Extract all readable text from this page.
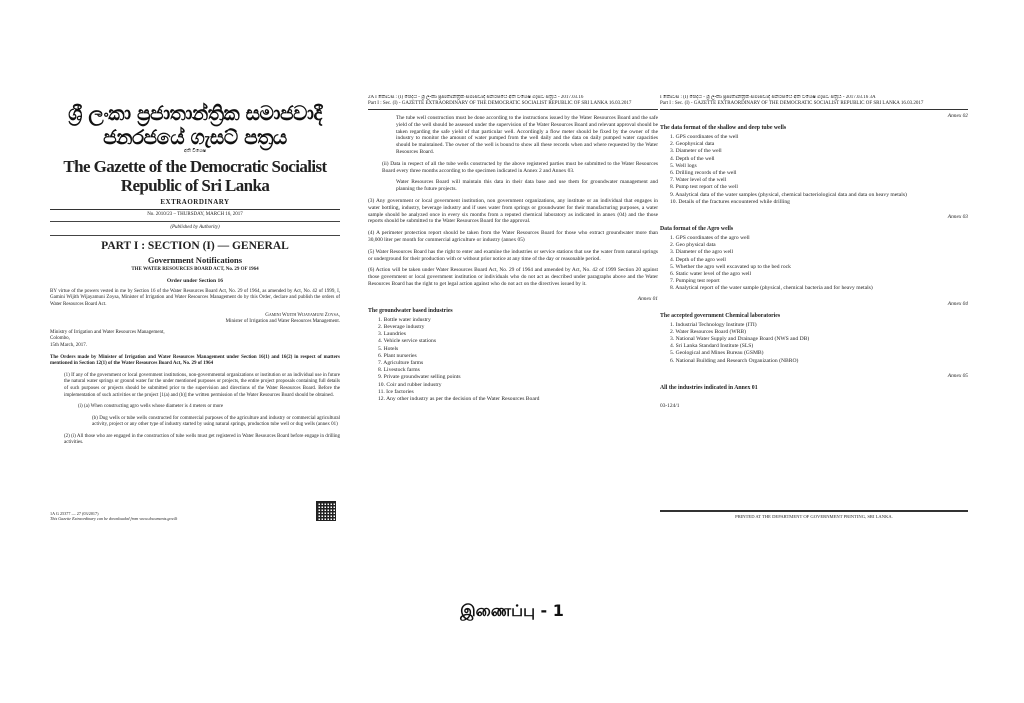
ශ්‍රී ලංකා ප්‍රජාතාන්ත්‍රික සමාජවාදී ජනරජයේ ගැසට් පත්‍රය
අති විශෙෂ
The Gazette of the Democratic Socialist Republic of Sri Lanka
EXTRAORDINARY
No. 2010/23 – THURSDAY, MARCH 16, 2017
(Published by Authority)
PART I : SECTION (I) — GENERAL
Government Notifications
THE WATER RESOURCES BOARD ACT, No. 29 OF 1964
Order under Section 16

BY virtue of the powers vested in me by Section 16 of the Water Resources Board Act, No. 29 of 1964, as amended by Act, No. 42 of 1999, I, Gamini Wijith Wijayamuni Zoysa, Minister of Irrigation and Water Resources Management do by this Order, declare and publish the orders of Water Resources Board Act.

Gamini Wijith Wijayamuni Zoysa,

Minister of Irrigation and Water Resources Management.

Ministry of Irrigation and Water Resources Management,

Colombo,

15th March, 2017.

The Orders made by Minister of Irrigation and Water Resources Management under Section 16(1) and 16(2) in respect of matters mentioned in Section 12(1) of the Water Resources Board Act, No. 29 of 1964

(1) If any of the government or local government institutions, non-governmental organizations or institution or an individual use in future the natural water springs or ground water for the under mentioned purposes or projects, the entire project proposals containing full details of such purposes or projects should be submitted prior to the supervision and directions of the Water Resources Board. Before the implementation of such activities or the project [1(a) and (b)] the written permission of the Water Resources Board should be obtained.

(i) (a) When constructing agro wells whose diameter is 4 meters or more

(b) Dug wells or tube wells constructed for commercial purposes of the agriculture and industry or commercial agricultural activity, project or any other type of industry started by using natural springs, production tube well or dug wells (annex 01)

(2) (i) All those who are engaged in the construction of tube wells must get registered in Water Resources Board before engage in drilling activities.

1A G 25377 — 27 (03/2017)

This Gazette Extraordinary can be downloaded from www.documents.gov.lk

2A I කොටස : (I) ඡෙදය - ශ්‍රී ලංකා ප්‍රජාතාන්ත්‍රික සමාජවාදී ජනරජයේ අති විශෙෂ ගැසට් පත්‍රය - 2017.03.16
Part I : Sec. (I) - GAZETTE EXTRAORDINARY OF THE DEMOCRATIC SOCIALIST REPUBLIC OF SRI LANKA 16.03.2017

The tube well construction must be done according to the instructions issued by the Water Resources Board and the safe yield of the well should be assessed under the supervision of the Water Resources Board and relevant approval should be taken regarding the safe yield of that particular well. Accordingly a flow meter should be fixed by the owner of the industry to monitor the amount of water pumped from the well daily and the data on daily pumped water capacities should be maintained. The owner of the well is bound to show all these records when and where requested by the Water Resources Board.

(ii) Data in respect of all the tube wells constructed by the above registered parties must be submitted to the Water Resources Board every three months according to the specimen indicated in Annex 2 and Annex 03.

Water Resources Board will maintain this data in their data base and use them for groundwater management and planning the future projects.

(3) Any government or local government institution, non government organizations, any institute or an individual that engages in water bottling, industry, beverage industry and if uses water from springs or groundwater for their manufacturing purposes, a water sample should be analyzed once in every six months from a reputed chemical laboratory as indicated in annex (04) and the those reports should be submitted to the Water Resources Board for the approval.

(4) A perimeter protection report should be taken from the Water Resources Board for those who extract groundwater more than 30,000 liter per month for commercial agriculture or industry (annex 05)

(5) Water Resources Board has the right to enter and examine the industries or service stations that use the water from natural springs or underground for their production with or without prior notice at any time of the day or reasonable period.

(6) Action will be taken under Water Resources Board Act, No. 29 of 1964 and amended by Act, No. 42 of 1999 Section 20 against those government or local government institution or individuals who do not act as described under paragraphs above and the Water Resources Board has the right to get legal action against who do not act on the directives issued by it.

Annex 01
The groundwater based industries
1. Bottle water industry
2. Beverage industry
3. Laundries
4. Vehicle service stations
5. Hotels
6. Plant nurseries
7. Agriculture farms
8. Livestock farms
9. Private groundwater selling points
10. Coir and rubber industry
11. Ice factories
12. Any other industry as per the decision of the Water Resources Board
I කොටස : (I) ඡෙදය - ශ්‍රී ලංකා ප්‍රජාතාන්ත්‍රික සමාජවාදී ජනරජයේ අති විශෙෂ ගැසට් පත්‍රය - 2017.03.16 3A
Part I : Sec. (I) - GAZETTE EXTRAORDINARY OF THE DEMOCRATIC SOCIALIST REPUBLIC OF SRI LANKA 16.03.2017
Annex 02
The data format of the shallow and deep tube wells
1. GPS coordinates of the well
2. Geophysical data
3. Diameter of the well
4. Depth of the well
5. Well logs
6. Drilling records of the well
7. Water level of the well
8. Pump test report of the well
9. Analytical data of the water samples (physical, chemical bacteriological data and data on heavy metals)
10. Details of the fractures encountered while drilling
Annex 03
Data format of the Agro wells
1. GPS coordinates of the agro well
2. Geo physical data
3. Diameter of the agro well
4. Depth of the agro well
5. Whether the agro well excavated up to the bed rock
6. Static water level of the agro well
7. Pumping test report
8. Analytical report of the water sample (physical, chemical bacteria and for heavy metals)
Annex 04
The accepted government Chemical laboratories
1. Industrial Technology Institute (ITI)
2. Water Resources Board (WRB)
3. National Water Supply and Drainage Board (NWS and DB)
4. Sri Lanka Standard Institute (SLS)
5. Geological and Mines Bureau (GSMB)
6. National Building and Research Organization (NBRO)
Annex 05
All the industries indicated in Annex 01

03-124/1

PRINTED AT THE DEPARTMENT OF GOVERNMENT PRINTING, SRI LANKA.
இணைப்பு - 1
